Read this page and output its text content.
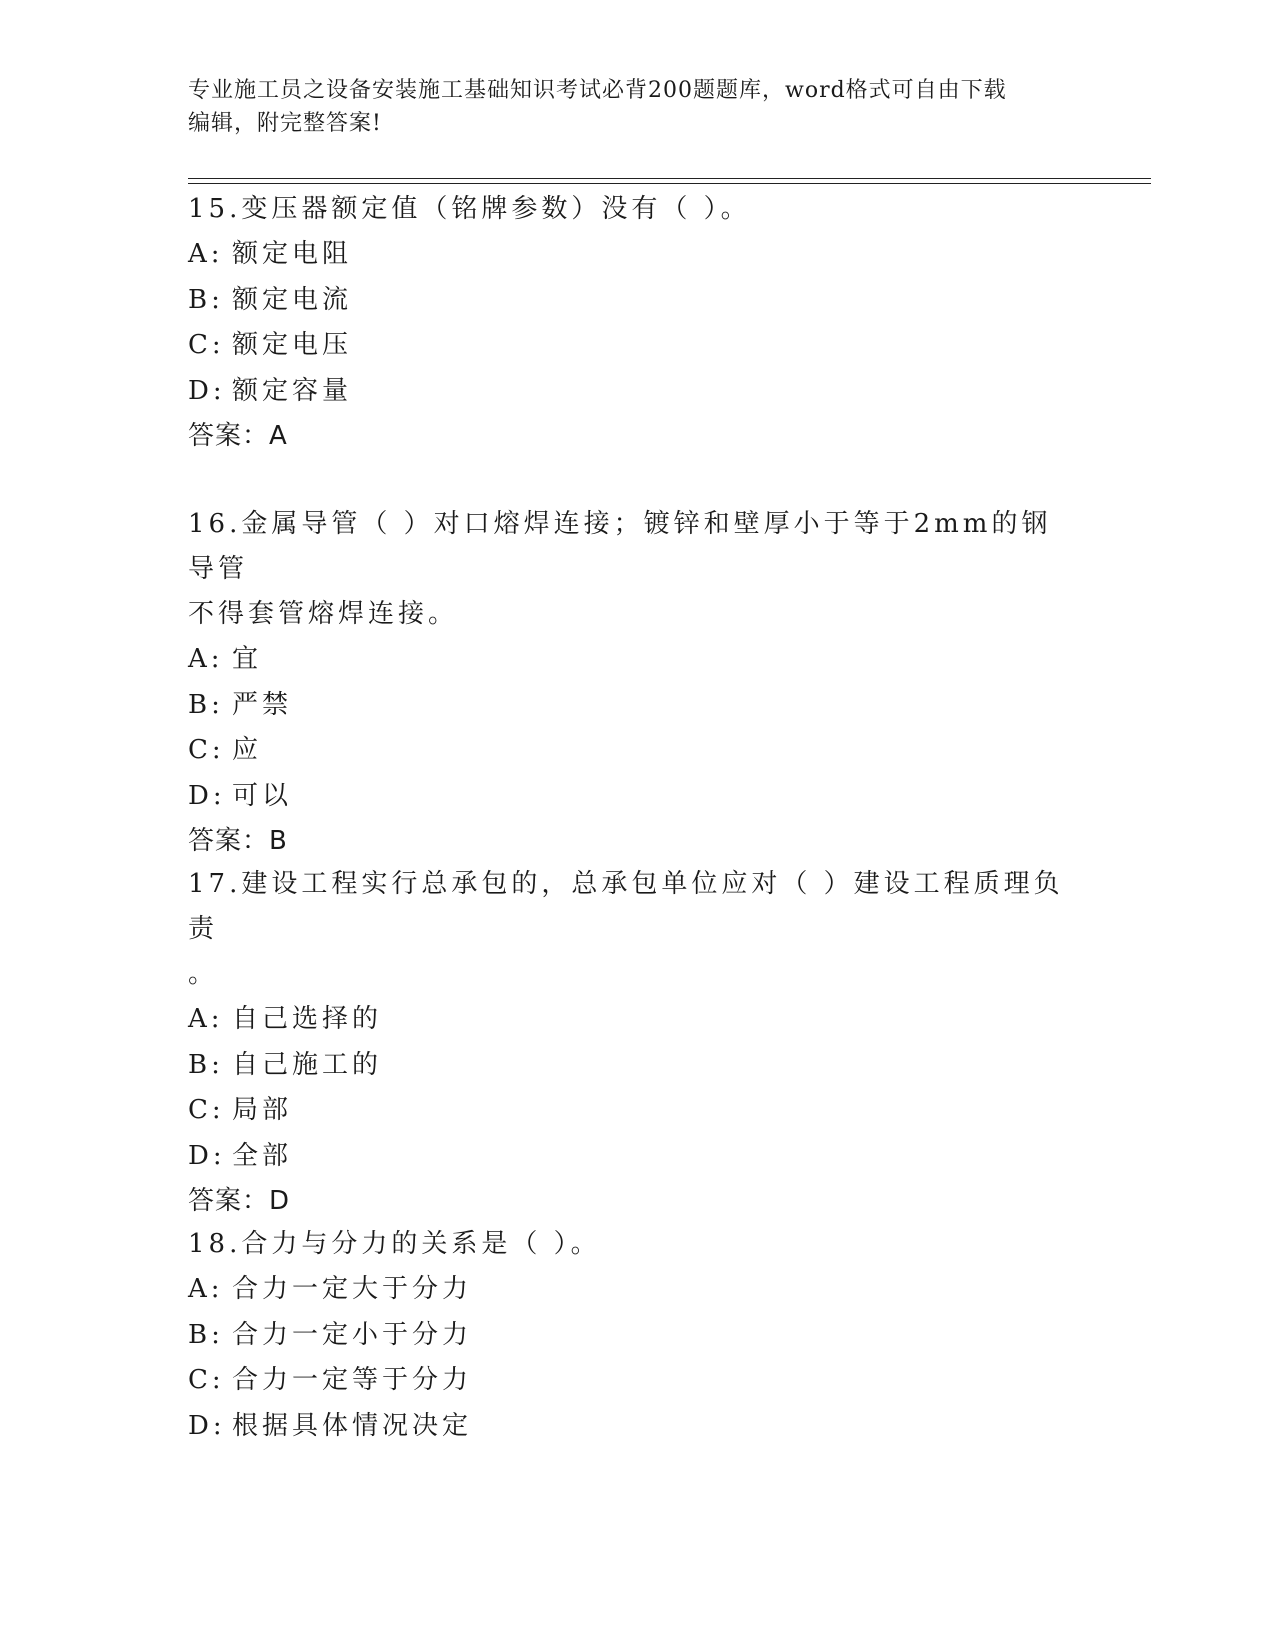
专业施工员之设备安装施工基础知识考试必背200题题库，word格式可自由下载
编辑，附完整答案!
15.变压器额定值（铭牌参数）没有（ ）。
A: 额定电阻
B: 额定电流
C: 额定电压
D: 额定容量
答案：A
16.金属导管（ ）对口熔焊连接；镀锌和壁厚小于等于2mm的钢导管
不得套管熔焊连接。
A: 宜
B: 严禁
C: 应
D: 可以
答案：B
17.建设工程实行总承包的，总承包单位应对（ ）建设工程质理负责
。
A: 自己选择的
B: 自己施工的
C: 局部
D: 全部
答案：D
18.合力与分力的关系是（ ）。
A: 合力一定大于分力
B: 合力一定小于分力
C: 合力一定等于分力
D: 根据具体情况决定
